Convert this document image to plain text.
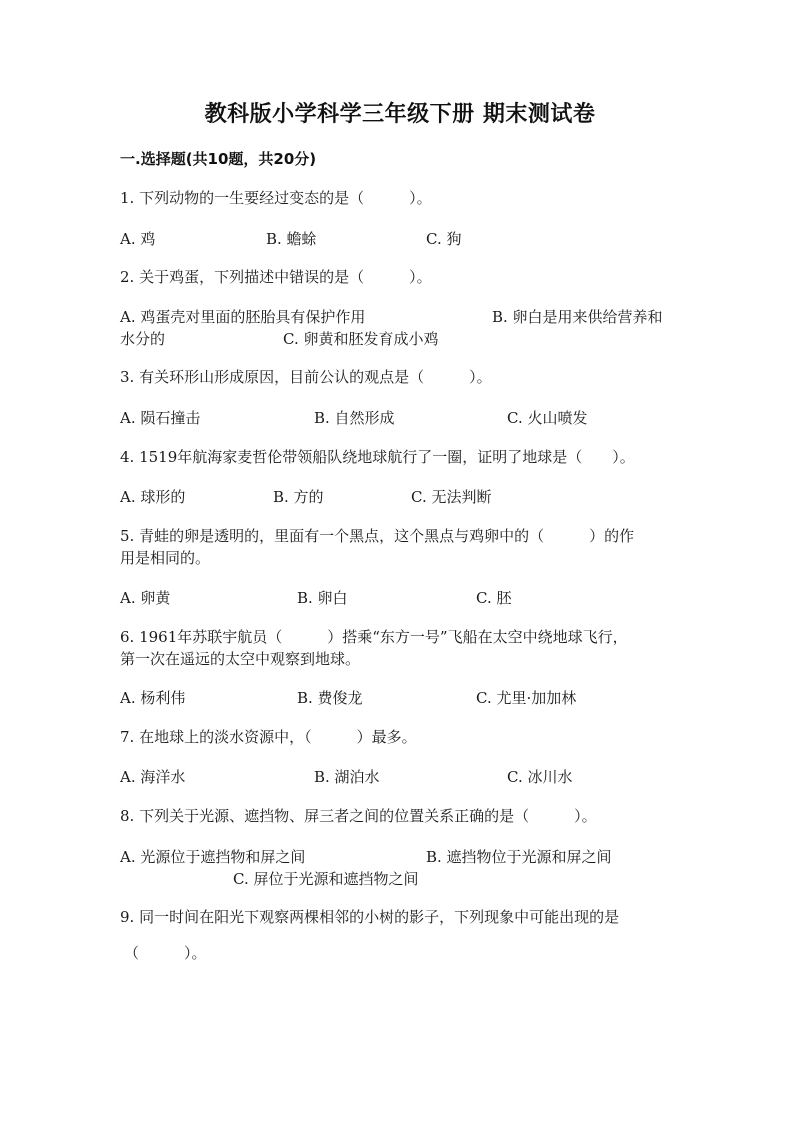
教科版小学科学三年级下册 期末测试卷
一.选择题(共10题，共20分)
1. 下列动物的一生要经过变态的是（　　　）。
A. 鸡	B. 蟾蜍	C. 狗
2. 关于鸡蛋，下列描述中错误的是（　　　）。
A. 鸡蛋壳对里面的胚胎具有保护作用	B. 卵白是用来供给营养和
水分的	C. 卵黄和胚发育成小鸡
3. 有关环形山形成原因，目前公认的观点是（　　　）。
A. 陨石撞击	B. 自然形成	C. 火山喷发
4. 1519年航海家麦哲伦带领船队绕地球航行了一圈，证明了地球是（　　）。
A. 球形的	B. 方的	C. 无法判断
5. 青蛙的卵是透明的，里面有一个黑点，这个黑点与鸡卵中的（　　　）的作
用是相同的。
A. 卵黄	B. 卵白	C. 胚
6. 1961年苏联宇航员（　　　）搭乘“东方一号”飞船在太空中绕地球飞行，
第一次在遥远的太空中观察到地球。
A. 杨利伟	B. 费俊龙	C. 尤里·加加林
7. 在地球上的淡水资源中，（　　　）最多。
A. 海洋水	B. 湖泊水	C. 冰川水
8. 下列关于光源、遮挡物、屏三者之间的位置关系正确的是（　　　）。
A. 光源位于遮挡物和屏之间	B. 遮挡物位于光源和屏之间
C. 屏位于光源和遮挡物之间
9. 同一时间在阳光下观察两棵相邻的小树的影子，下列现象中可能出现的是
（　　　）。
